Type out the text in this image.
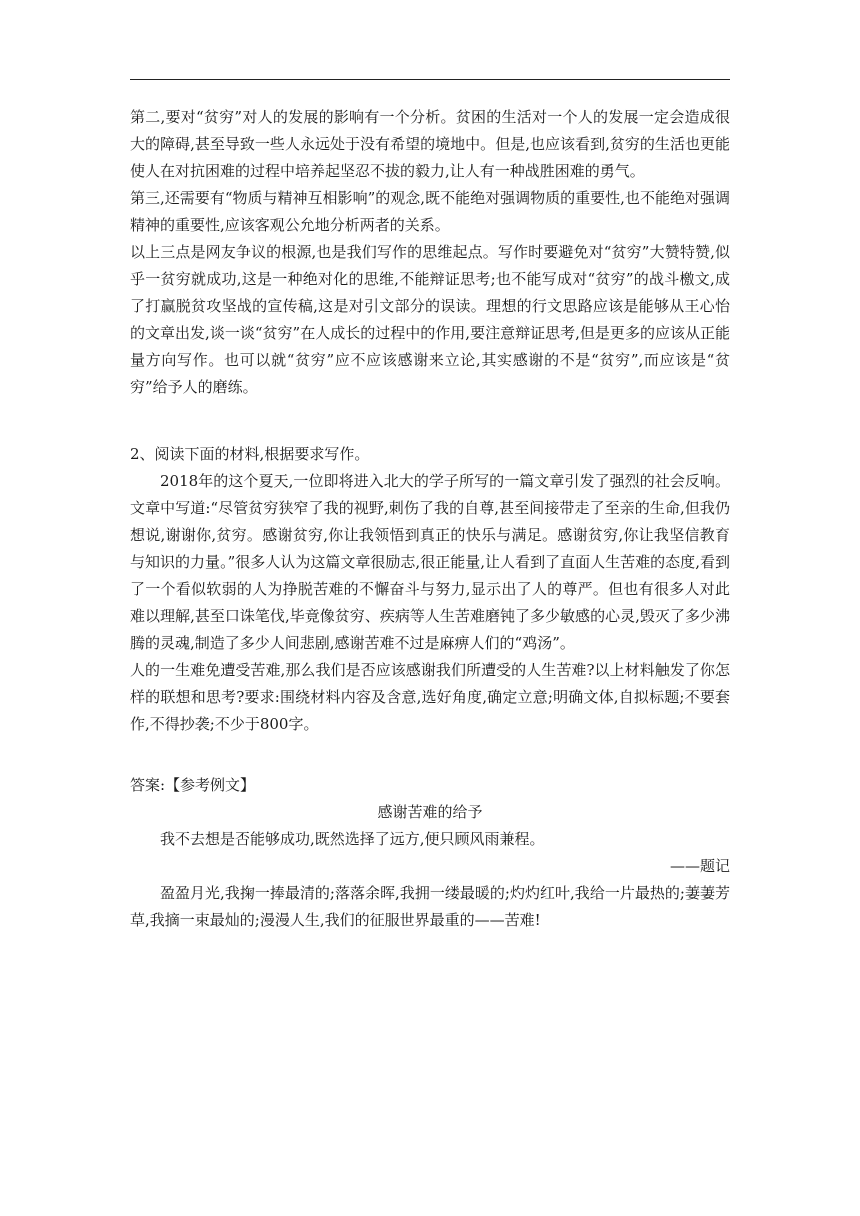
第二,要对“贫穷”对人的发展的影响有一个分析。贫困的生活对一个人的发展一定会造成很大的障碍,甚至导致一些人永远处于没有希望的境地中。但是,也应该看到,贫穷的生活也更能使人在对抗困难的过程中培养起坚忍不拔的毅力,让人有一种战胜困难的勇气。

第三,还需要有“物质与精神互相影响”的观念,既不能绝对强调物质的重要性,也不能绝对强调精神的重要性,应该客观公允地分析两者的关系。

以上三点是网友争议的根源,也是我们写作的思维起点。写作时要避免对“贫穷”大赞特赞,似乎一贫穷就成功,这是一种绝对化的思维,不能辩证思考;也不能写成对“贫穷”的战斗檄文,成了打赢脱贫攻坚战的宣传稿,这是对引文部分的误读。理想的行文思路应该是能够从王心怡的文章出发,谈一谈“贫穷”在人成长的过程中的作用,要注意辩证思考,但是更多的应该从正能量方向写作。也可以就“贫穷”应不应该感谢来立论,其实感谢的不是“贫穷”,而应该是“贫穷”给予人的磨练。

2、阅读下面的材料,根据要求写作。

2018年的这个夏天,一位即将进入北大的学子所写的一篇文章引发了强烈的社会反响。文章中写道:“尽管贫穷狭窄了我的视野,刺伤了我的自尊,甚至间接带走了至亲的生命,但我仍想说,谢谢你,贫穷。感谢贫穷,你让我领悟到真正的快乐与满足。感谢贫穷,你让我坚信教育与知识的力量。”很多人认为这篇文章很励志,很正能量,让人看到了直面人生苦难的态度,看到了一个看似软弱的人为挣脱苦难的不懈奋斗与努力,显示出了人的尊严。但也有很多人对此难以理解,甚至口诛笔伐,毕竟像贫穷、疾病等人生苦难磨钝了多少敏感的心灵,毁灭了多少沸腾的灵魂,制造了多少人间悲剧,感谢苦难不过是麻痹人们的“鸡汤”。

人的一生难免遭受苦难,那么我们是否应该感谢我们所遭受的人生苦难?以上材料触发了你怎样的联想和思考?要求:围绕材料内容及含意,选好角度,确定立意;明确文体,自拟标题;不要套作,不得抄袭;不少于800字。

答案:【参考例文】

感谢苦难的给予

我不去想是否能够成功,既然选择了远方,便只顾风雨兼程。

——题记

盈盈月光,我掬一捧最清的;落落余晖,我拥一缕最暖的;灼灼红叶,我给一片最热的;萋萋芳草,我摘一束最灿的;漫漫人生,我们的征服世界最重的——苦难!
